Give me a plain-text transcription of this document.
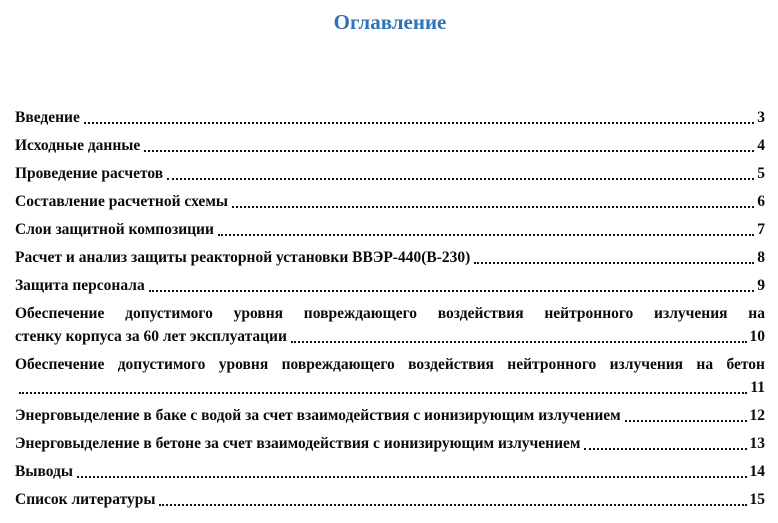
Оглавление
Введение	3
Исходные данные	4
Проведение расчетов	5
Составление расчетной схемы	6
Слои защитной композиции	7
Расчет и анализ защиты реакторной установки ВВЭР-440(В-230)	8
Защита персонала	9
Обеспечение допустимого уровня повреждающего воздействия нейтронного излучения на
стенку корпуса за 60 лет эксплуатации	10
Обеспечение допустимого уровня повреждающего воздействия нейтронного излучения на бетон
11
Энерговыделение в баке с водой за счет взаимодействия с ионизирующим излучением	12
Энерговыделение в бетоне за счет взаимодействия с ионизирующим излучением	13
Выводы	14
Список литературы	15
